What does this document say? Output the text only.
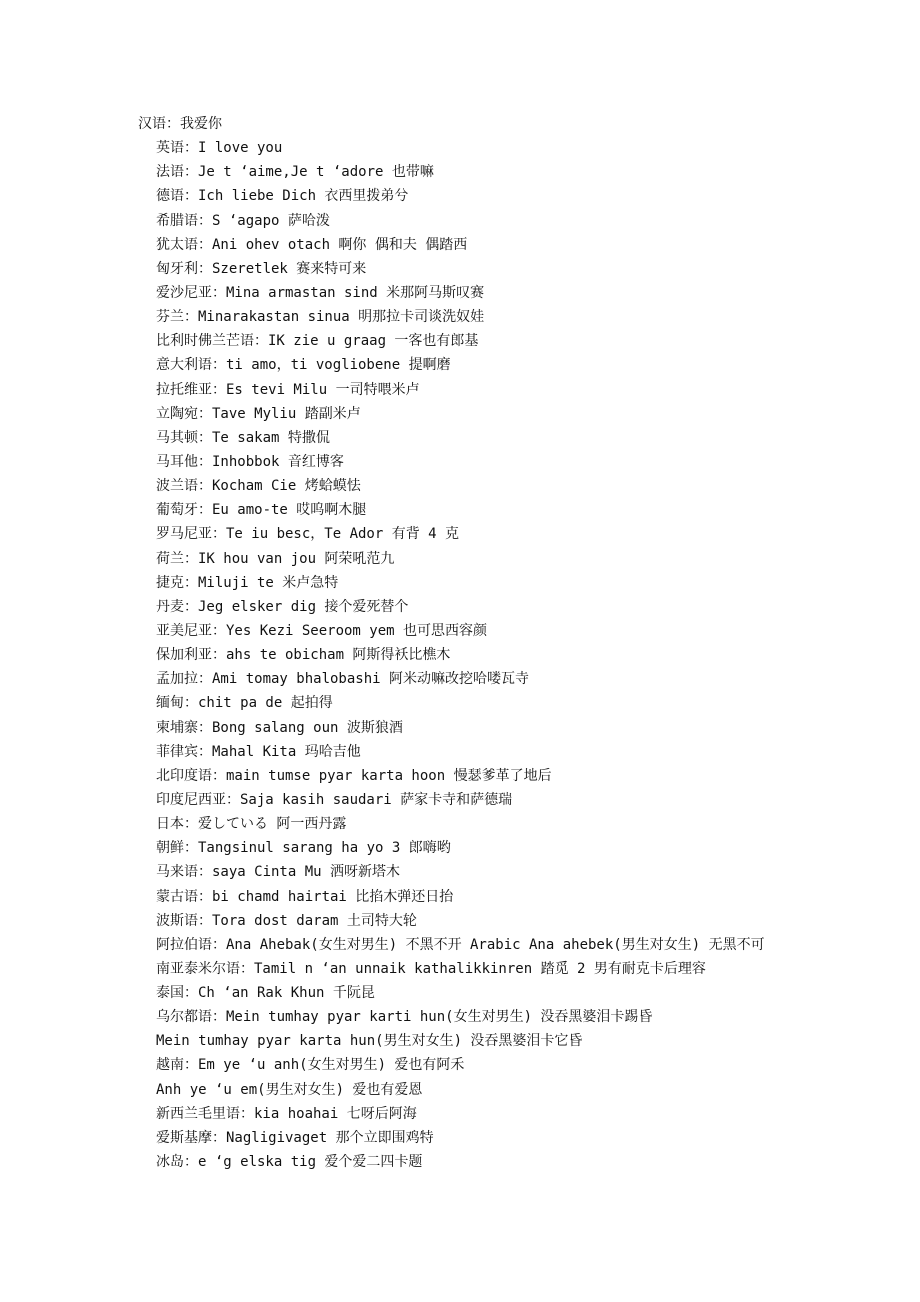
汉语：我爱你
英语：I love you
法语：Je t ‘aime,Je t ‘adore 也带嘛
德语：Ich liebe Dich 衣西里拨弟兮
希腊语：S ‘agapo 萨哈泼
犹太语：Ani ohev otach 啊你 偶和夫 偶踏西
匈牙利：Szeretlek 赛来特可来
爱沙尼亚：Mina armastan sind 米那阿马斯叹赛
芬兰：Minarakastan sinua 明那拉卡司谈洗奴娃
比利时佛兰芒语：IK zie u graag 一客也有郎基
意大利语：ti amo，ti vogliobene 提啊磨
拉托维亚：Es tevi Milu 一司特喂米卢
立陶宛：Tave Myliu 踏副米卢
马其顿：Te sakam 特撒侃
马耳他：Inhobbok 音红博客
波兰语：Kocham Cie 烤蛤蟆怯
葡萄牙：Eu amo-te 哎呜啊木腿
罗马尼亚：Te iu besc，Te Ador 有背 4 克
荷兰：IK hou van jou 阿荣吼范九
捷克：Miluji te 米卢急特
丹麦：Jeg elsker dig 接个爱死替个
亚美尼亚：Yes Kezi Seeroom yem 也可思西容颜
保加利亚：ahs te obicham 阿斯得袄比樵木
孟加拉：Ami tomay bhalobashi 阿米动嘛改挖哈喽瓦寺
缅甸：chit pa de 起拍得
柬埔寨：Bong salang oun 波斯狼酒
菲律宾：Mahal Kita 玛哈吉他
北印度语：main tumse pyar karta hoon 慢瑟爹革了地后
印度尼西亚：Saja kasih saudari 萨家卡寺和萨德瑞
日本：爱している 阿一西丹露
朝鲜：Tangsinul sarang ha yo 3 郎嗨哟
马来语：saya Cinta Mu 洒呀新塔木
蒙古语：bi chamd hairtai 比掐木弹还日抬
波斯语：Tora dost daram 土司特大轮
阿拉伯语：Ana Ahebak(女生对男生) 不黑不开 Arabic Ana ahebek(男生对女生) 无黑不可
南亚泰米尔语：Tamil n ‘an unnaik kathalikkinren 踏觅 2 男有耐克卡后理容
泰国：Ch ‘an Rak Khun 千阮昆
乌尔都语：Mein tumhay pyar karti hun(女生对男生) 没吞黑婆泪卡踢昏
Mein tumhay pyar karta hun(男生对女生) 没吞黑婆泪卡它昏
越南：Em ye ‘u anh(女生对男生) 爱也有阿禾
Anh ye ‘u em(男生对女生) 爱也有爱恩
新西兰毛里语：kia hoahai 七呀后阿海
爱斯基摩：Nagligivaget 那个立即围鸡特
冰岛：e ‘g elska tig 爱个爱二四卡题
